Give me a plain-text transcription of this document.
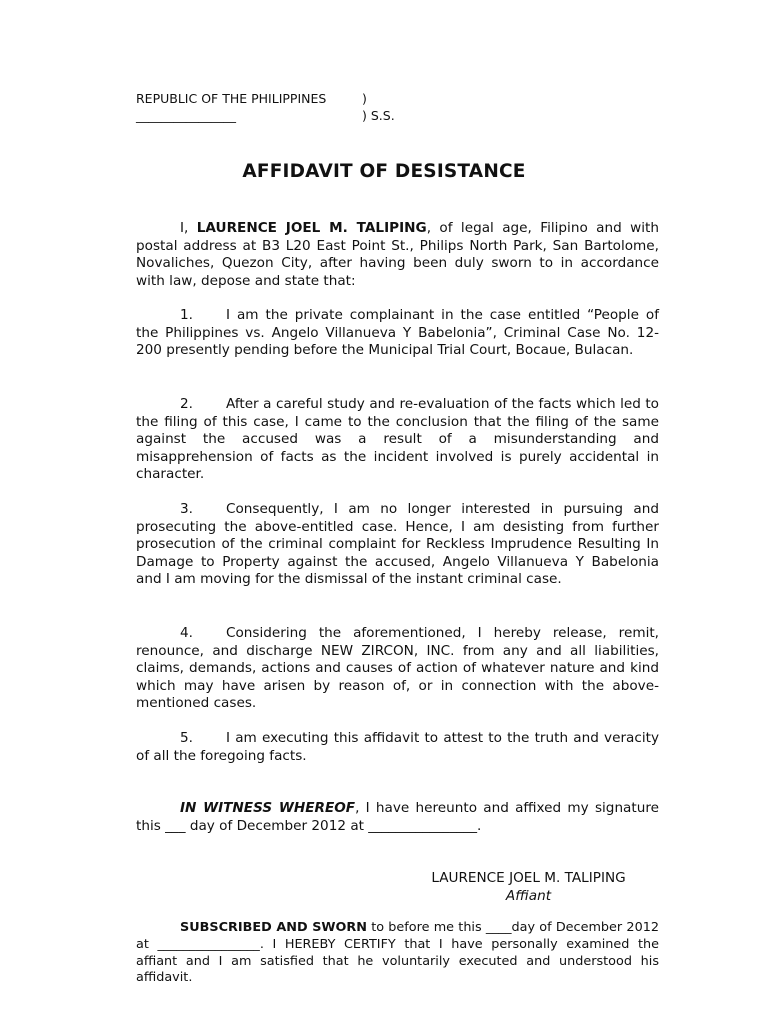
REPUBLIC OF THE PHILIPPINES	)
________________	) S.S.
AFFIDAVIT OF DESISTANCE

I, LAURENCE JOEL M. TALIPING, of legal age, Filipino and with postal address at B3 L20 East Point St., Philips North Park, San Bartolome, Novaliches, Quezon City, after having been duly sworn to in accordance with law, depose and state that:

1. I am the private complainant in the case entitled “People of the Philippines vs. Angelo Villanueva Y Babelonia”, Criminal Case No. 12-200 presently pending before the Municipal Trial Court, Bocaue, Bulacan.

2. After a careful study and re-evaluation of the facts which led to the filing of this case, I came to the conclusion that the filing of the same against the accused was a result of a misunderstanding and misapprehension of facts as the incident involved is purely accidental in character.

3. Consequently, I am no longer interested in pursuing and prosecuting the above-entitled case. Hence, I am desisting from further prosecution of the criminal complaint for Reckless Imprudence Resulting In Damage to Property against the accused, Angelo Villanueva Y Babelonia and I am moving for the dismissal of the instant criminal case.

4. Considering the aforementioned, I hereby release, remit, renounce, and discharge NEW ZIRCON, INC. from any and all liabilities, claims, demands, actions and causes of action of whatever nature and kind which may have arisen by reason of, or in connection with the above-mentioned cases.

5. I am executing this affidavit to attest to the truth and veracity of all the foregoing facts.

IN WITNESS WHEREOF, I have hereunto and affixed my signature this ___ day of December 2012 at ________________.

LAURENCE JOEL M. TALIPING
Affiant

SUBSCRIBED AND SWORN to before me this ____day of December 2012 at ________________. I HEREBY CERTIFY that I have personally examined the affiant and I am satisfied that he voluntarily executed and understood his affidavit.
